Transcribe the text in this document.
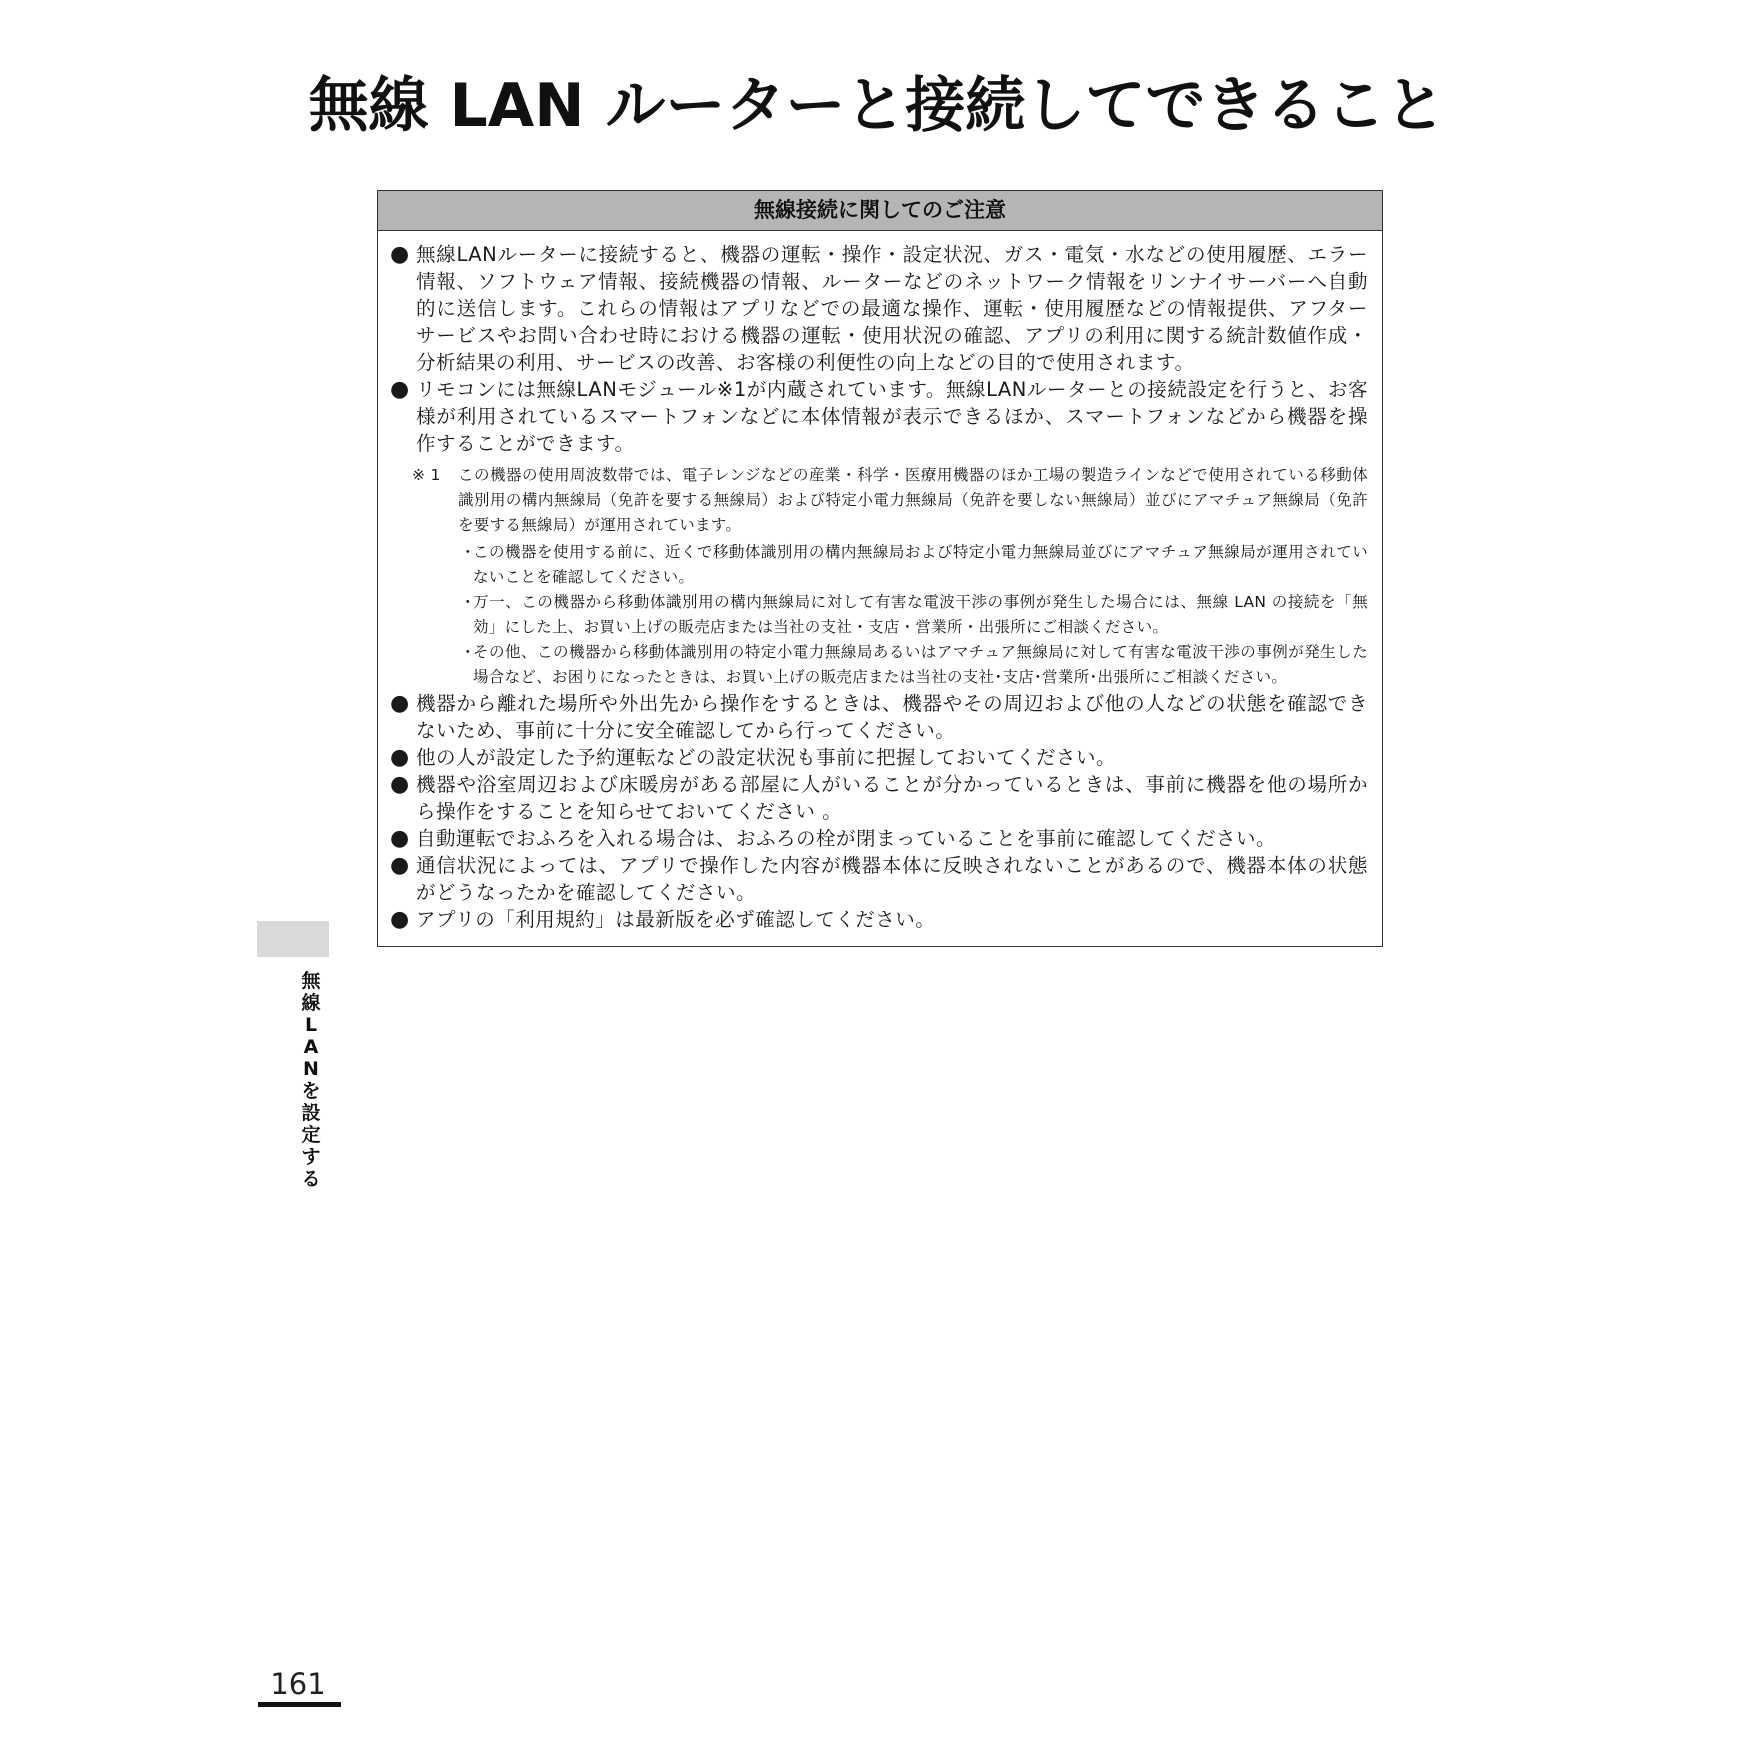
無線 LAN ルーターと接続してできること
無線接続に関してのご注意
● 無線LANルーターに接続すると、機器の運転・操作・設定状況、ガス・電気・水などの使用履歴、エラー情報、ソフトウェア情報、接続機器の情報、ルーターなどのネットワーク情報をリンナイサーバーへ自動的に送信します。これらの情報はアプリなどでの最適な操作、運転・使用履歴などの情報提供、アフターサービスやお問い合わせ時における機器の運転・使用状況の確認、アプリの利用に関する統計数値作成・分析結果の利用、サービスの改善、お客様の利便性の向上などの目的で使用されます。
● リモコンには無線LANモジュール※1が内蔵されています。無線LANルーターとの接続設定を行うと、お客様が利用されているスマートフォンなどに本体情報が表示できるほか、スマートフォンなどから機器を操作することができます。
※ 1 この機器の使用周波数帯では、電子レンジなどの産業・科学・医療用機器のほか工場の製造ラインなどで使用されている移動体識別用の構内無線局（免許を要する無線局）および特定小電力無線局（免許を要しない無線局）並びにアマチュア無線局（免許を要する無線局）が運用されています。
・
この機器を使用する前に、近くで移動体識別用の構内無線局および特定小電力無線局並びにアマチュア無線局が運用されていないことを確認してください。
・
万一、この機器から移動体識別用の構内無線局に対して有害な電波干渉の事例が発生した場合には、無線 LAN の接続を「無効」にした上、お買い上げの販売店または当社の支社・支店・営業所・出張所にご相談ください。
・
その他、この機器から移動体識別用の特定小電力無線局あるいはアマチュア無線局に対して有害な電波干渉の事例が発生した場合など、お困りになったときは、お買い上げの販売店または当社の支社･支店･営業所･出張所にご相談ください。
● 機器から離れた場所や外出先から操作をするときは、機器やその周辺および他の人などの状態を確認できないため、事前に十分に安全確認してから行ってください。
● 他の人が設定した予約運転などの設定状況も事前に把握しておいてください。
● 機器や浴室周辺および床暖房がある部屋に人がいることが分かっているときは、事前に機器を他の場所から操作をすることを知らせておいてください 。
● 自動運転でおふろを入れる場合は、おふろの栓が閉まっていることを事前に確認してください。
● 通信状況によっては、アプリで操作した内容が機器本体に反映されないことがあるので、機器本体の状態がどうなったかを確認してください。
● アプリの「利用規約」は最新版を必ず確認してください。
無線LANを設定する
161
